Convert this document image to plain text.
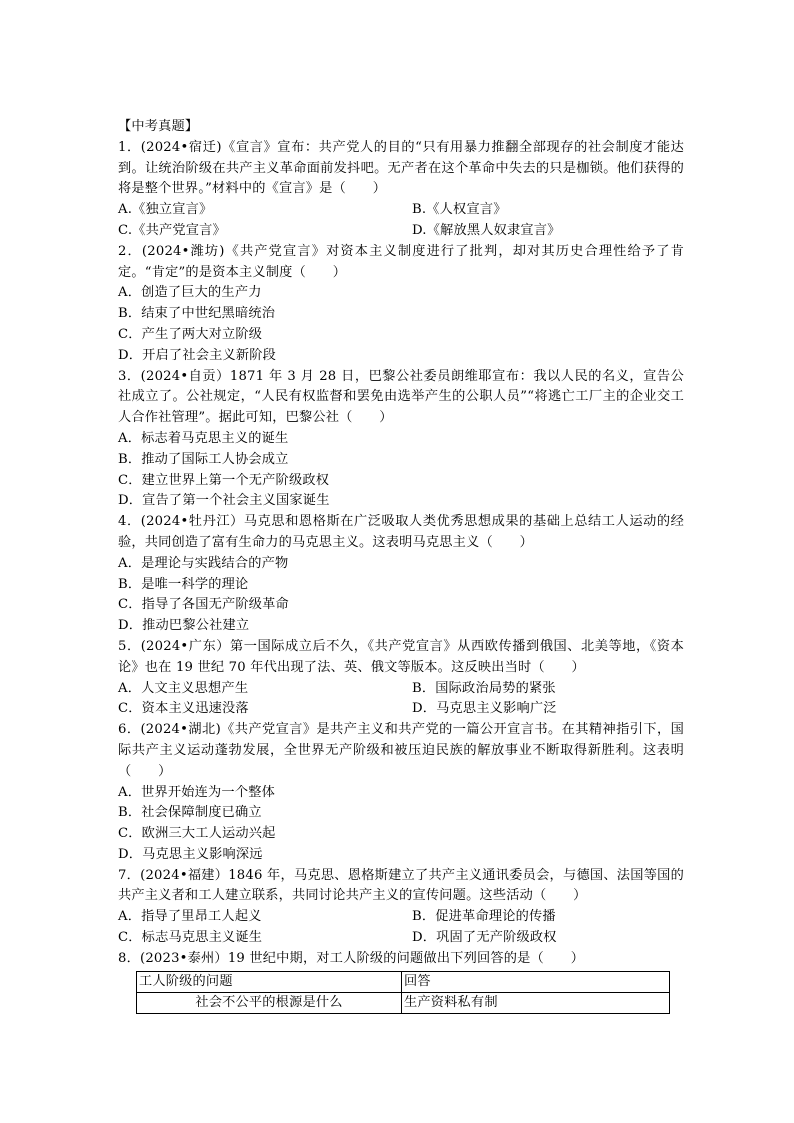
【中考真题】

1．(2024•宿迁)《宣言》宣布：共产党人的目的“只有用暴力推翻全部现存的社会制度才能达到。让统治阶级在共产主义革命面前发抖吧。无产者在这个革命中失去的只是枷锁。他们获得的将是整个世界。”材料中的《宣言》是（　　）

A.《独立宣言》	B.《人权宣言》
C.《共产党宣言》	D.《解放黑人奴隶宣言》

2．(2024•潍坊)《共产党宣言》对资本主义制度进行了批判，却对其历史合理性给予了肯定。“肯定”的是资本主义制度（　　）

A．创造了巨大的生产力
B．结束了中世纪黑暗统治
C．产生了两大对立阶级
D．开启了社会主义新阶段

3．(2024•自贡）1871 年 3 月 28 日，巴黎公社委员朗维耶宣布：我以人民的名义，宣告公社成立了。公社规定，“人民有权监督和罢免由选举产生的公职人员”“将逃亡工厂主的企业交工人合作社管理”。据此可知，巴黎公社（　　）

A．标志着马克思主义的诞生
B．推动了国际工人协会成立
C．建立世界上第一个无产阶级政权
D．宣告了第一个社会主义国家诞生

4．(2024•牡丹江）马克思和恩格斯在广泛吸取人类优秀思想成果的基础上总结工人运动的经验，共同创造了富有生命力的马克思主义。这表明马克思主义（　　）

A．是理论与实践结合的产物
B．是唯一科学的理论
C．指导了各国无产阶级革命
D．推动巴黎公社建立

5．(2024•广东）第一国际成立后不久，《共产党宣言》从西欧传播到俄国、北美等地，《资本论》也在 19 世纪 70 年代出现了法、英、俄文等版本。这反映出当时（　　）

A．人文主义思想产生	B．国际政治局势的紧张
C．资本主义迅速没落	D．马克思主义影响广泛

6．(2024•湖北)《共产党宣言》是共产主义和共产党的一篇公开宣言书。在其精神指引下，国际共产主义运动蓬勃发展，全世界无产阶级和被压迫民族的解放事业不断取得新胜利。这表明（　　）

A．世界开始连为一个整体
B．社会保障制度已确立
C．欧洲三大工人运动兴起
D．马克思主义影响深远

7．(2024•福建）1846 年，马克思、恩格斯建立了共产主义通讯委员会，与德国、法国等国的共产主义者和工人建立联系，共同讨论共产主义的宣传问题。这些活动（　　）

A．指导了里昂工人起义	B．促进革命理论的传播
C．标志马克思主义诞生	D．巩固了无产阶级政权

8．(2023•泰州）19 世纪中期，对工人阶级的问题做出下列回答的是（　　）

工人阶级的问题	回答
社会不公平的根源是什么	生产资料私有制
